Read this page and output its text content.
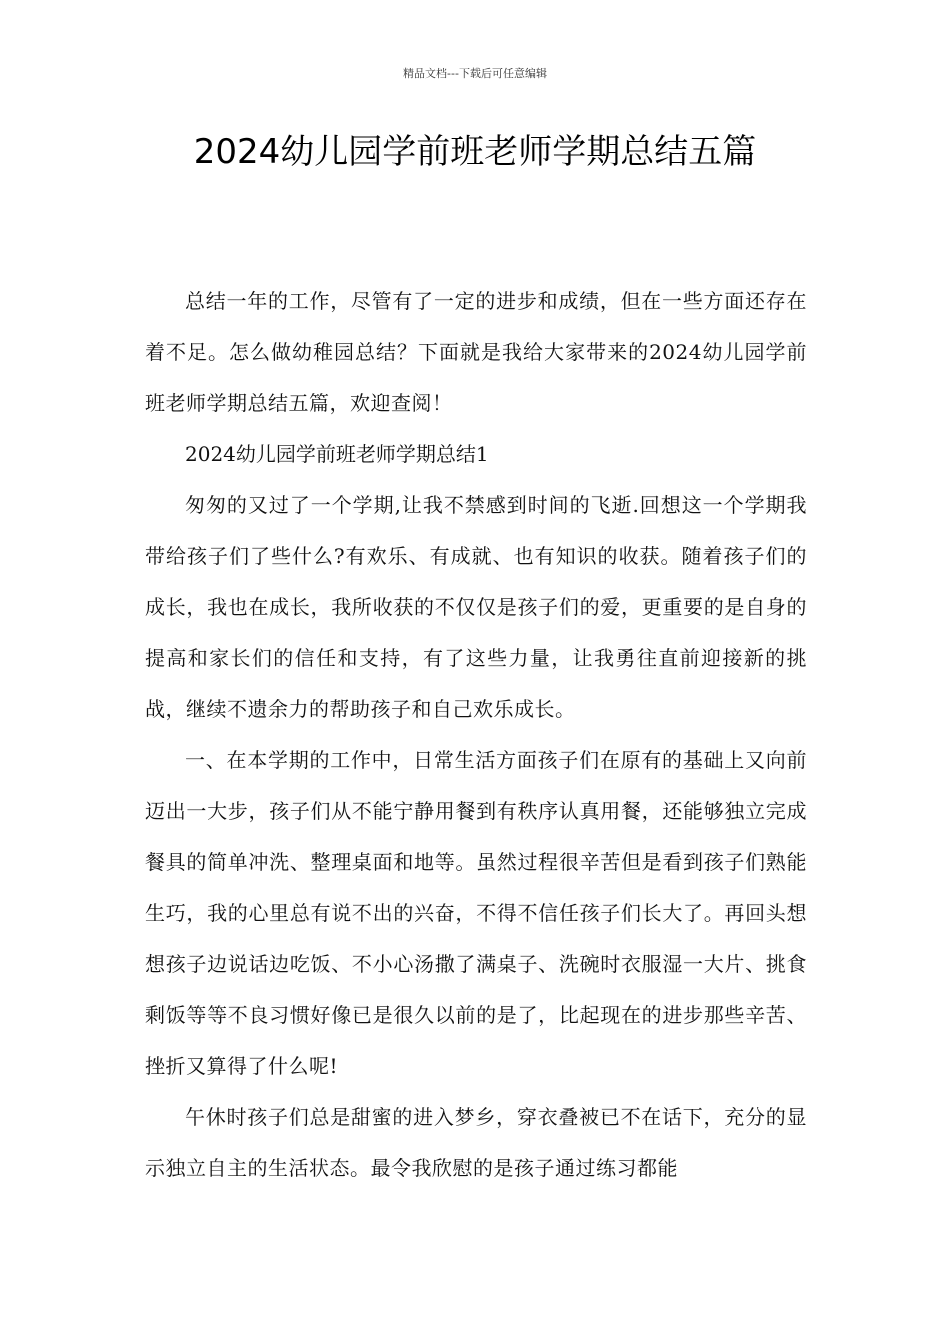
精品文档---下载后可任意编辑
2024幼儿园学前班老师学期总结五篇

总结一年的工作，尽管有了一定的进步和成绩，但在一些方面还存在着不足。怎么做幼稚园总结？下面就是我给大家带来的2024幼儿园学前班老师学期总结五篇，欢迎查阅！

2024幼儿园学前班老师学期总结1

匆匆的又过了一个学期,让我不禁感到时间的飞逝.回想这一个学期我带给孩子们了些什么?有欢乐、有成就、也有知识的收获。随着孩子们的成长，我也在成长，我所收获的不仅仅是孩子们的爱，更重要的是自身的提高和家长们的信任和支持，有了这些力量，让我勇往直前迎接新的挑战，继续不遗余力的帮助孩子和自己欢乐成长。

一、在本学期的工作中，日常生活方面孩子们在原有的基础上又向前迈出一大步，孩子们从不能宁静用餐到有秩序认真用餐，还能够独立完成餐具的简单冲洗、整理桌面和地等。虽然过程很辛苦但是看到孩子们熟能生巧，我的心里总有说不出的兴奋，不得不信任孩子们长大了。再回头想想孩子边说话边吃饭、不小心汤撒了满桌子、洗碗时衣服湿一大片、挑食剩饭等等不良习惯好像已是很久以前的是了，比起现在的进步那些辛苦、挫折又算得了什么呢!

午休时孩子们总是甜蜜的进入梦乡，穿衣叠被已不在话下，充分的显示独立自主的生活状态。最令我欣慰的是孩子通过练习都能
